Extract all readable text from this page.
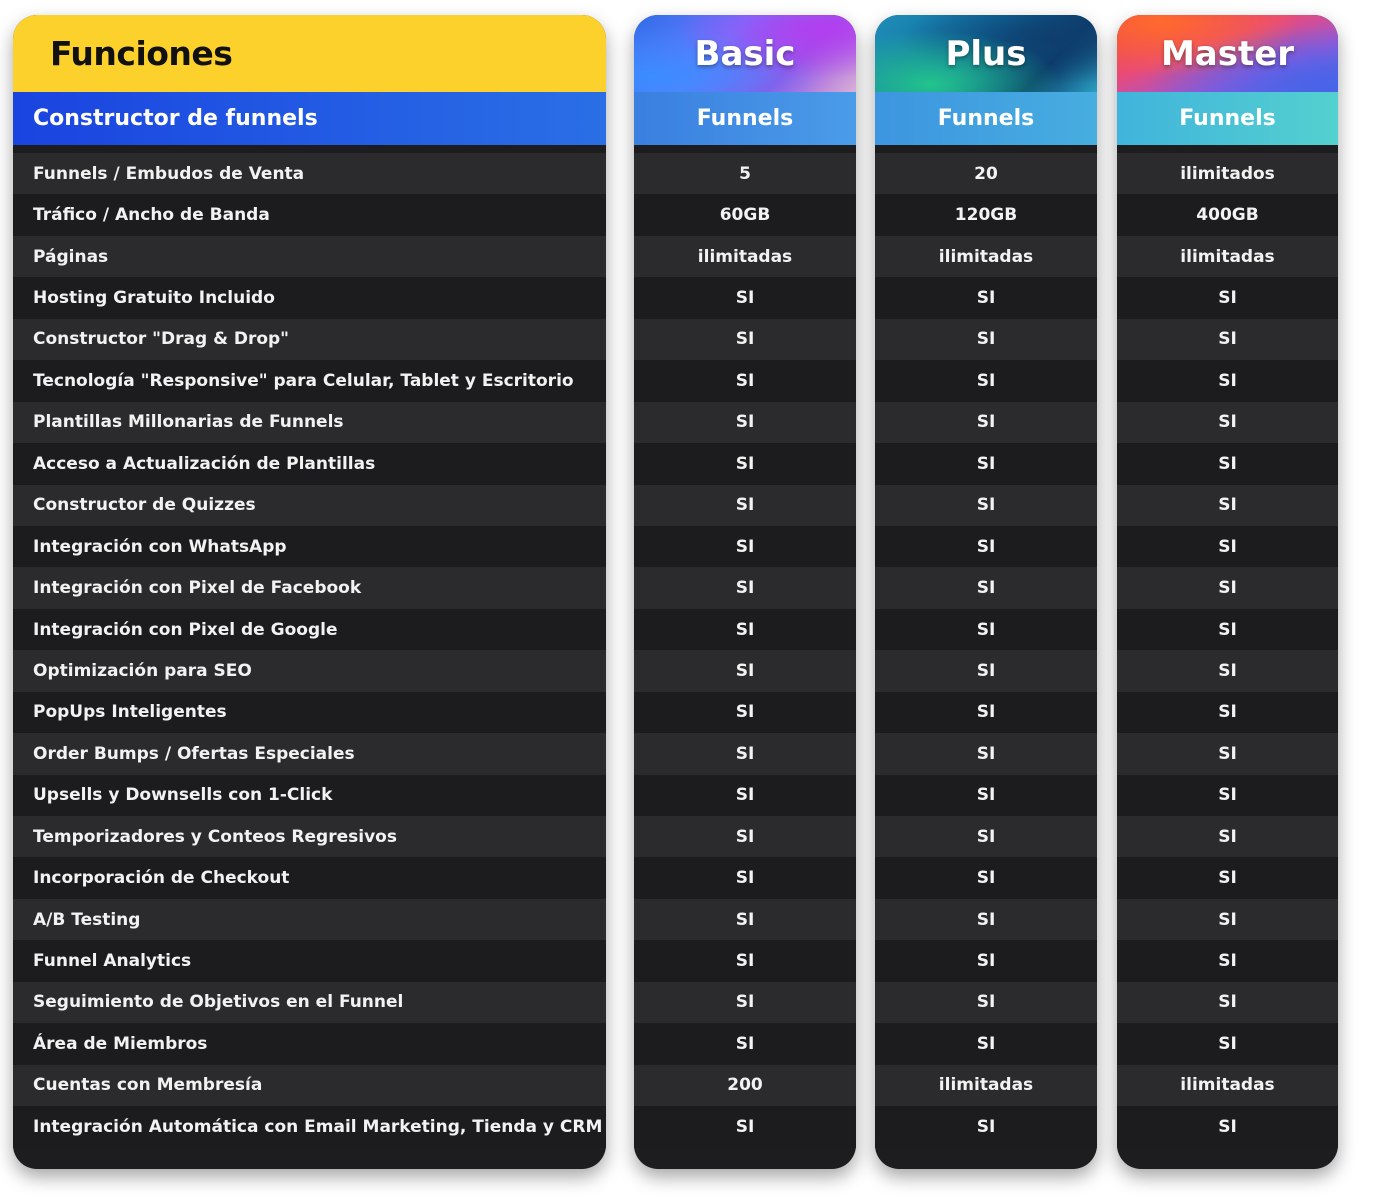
Funciones
Constructor de funnels
Funnels / Embudos de Venta
Tráfico / Ancho de Banda
Páginas
Hosting Gratuito Incluido
Constructor "Drag & Drop"
Tecnología "Responsive" para Celular, Tablet y Escritorio
Plantillas Millonarias de Funnels
Acceso a Actualización de Plantillas
Constructor de Quizzes
Integración con WhatsApp
Integración con Pixel de Facebook
Integración con Pixel de Google
Optimización para SEO
PopUps Inteligentes
Order Bumps / Ofertas Especiales
Upsells y Downsells con 1-Click
Temporizadores y Conteos Regresivos
Incorporación de Checkout
A/B Testing
Funnel Analytics
Seguimiento de Objetivos en el Funnel
Área de Miembros
Cuentas con Membresía
Integración Automática con Email Marketing, Tienda y CRM
Basic
Funnels
5
60GB
ilimitadas
SI
SI
SI
SI
SI
SI
SI
SI
SI
SI
SI
SI
SI
SI
SI
SI
SI
SI
SI
200
SI
Plus
Funnels
20
120GB
ilimitadas
SI
SI
SI
SI
SI
SI
SI
SI
SI
SI
SI
SI
SI
SI
SI
SI
SI
SI
SI
ilimitadas
SI
Master
Funnels
ilimitados
400GB
ilimitadas
SI
SI
SI
SI
SI
SI
SI
SI
SI
SI
SI
SI
SI
SI
SI
SI
SI
SI
SI
ilimitadas
SI
